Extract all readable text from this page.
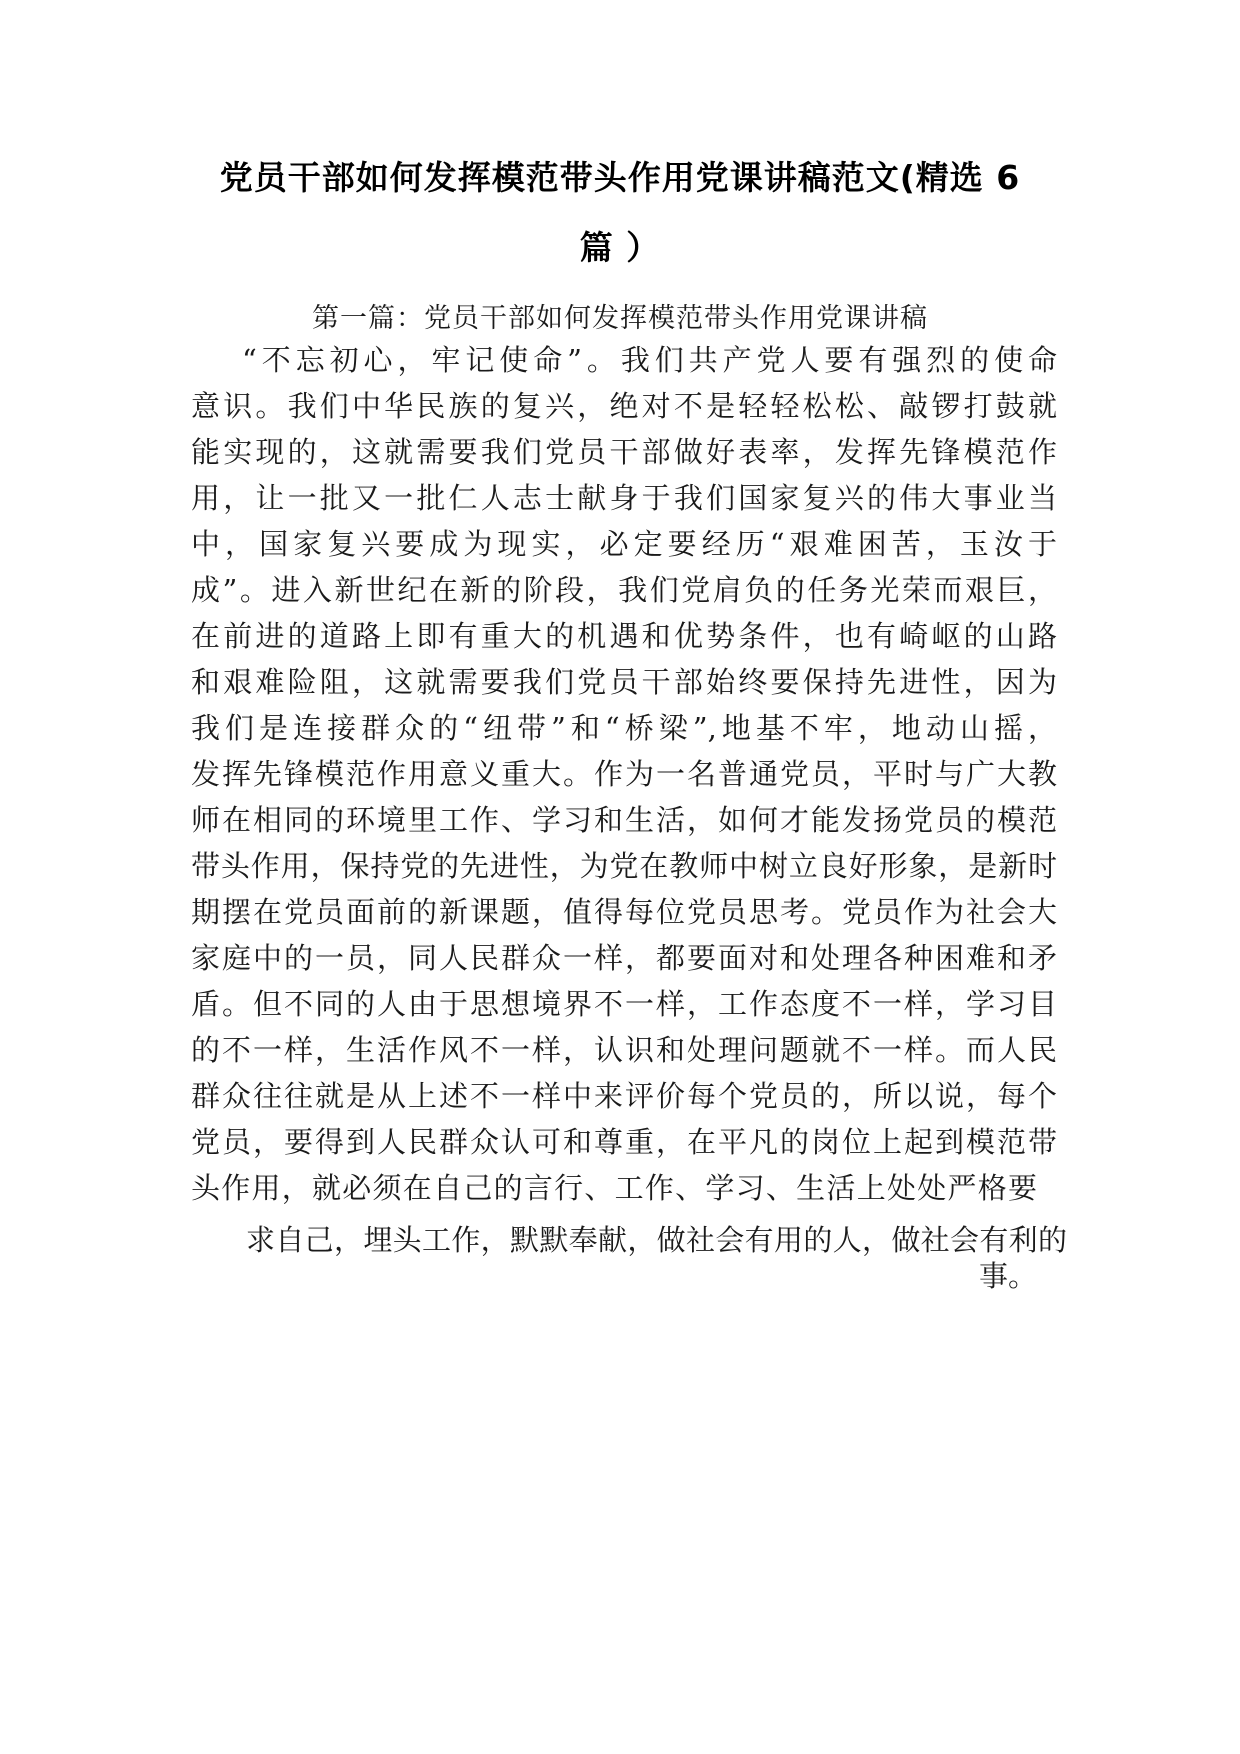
党员干部如何发挥模范带头作用党课讲稿范文(精选 6
篇 ）
第一篇：党员干部如何发挥模范带头作用党课讲稿
“不忘初心，牢记使命”。我们共产党人要有强烈的使命
意识。我们中华民族的复兴，绝对不是轻轻松松、敲锣打鼓就
能实现的，这就需要我们党员干部做好表率，发挥先锋模范作
用，让一批又一批仁人志士献身于我们国家复兴的伟大事业当
中，国家复兴要成为现实，必定要经历“艰难困苦，玉汝于
成”。进入新世纪在新的阶段，我们党肩负的任务光荣而艰巨，
在前进的道路上即有重大的机遇和优势条件，也有崎岖的山路
和艰难险阻，这就需要我们党员干部始终要保持先进性，因为
我们是连接群众的“纽带”和“桥梁”,地基不牢，地动山摇，
发挥先锋模范作用意义重大。作为一名普通党员，平时与广大教
师在相同的环境里工作、学习和生活，如何才能发扬党员的模范
带头作用，保持党的先进性，为党在教师中树立良好形象，是新时
期摆在党员面前的新课题，值得每位党员思考。党员作为社会大
家庭中的一员，同人民群众一样，都要面对和处理各种困难和矛
盾。但不同的人由于思想境界不一样，工作态度不一样，学习目
的不一样，生活作风不一样，认识和处理问题就不一样。而人民
群众往往就是从上述不一样中来评价每个党员的，所以说，每个
党员，要得到人民群众认可和尊重，在平凡的岗位上起到模范带
头作用，就必须在自己的言行、工作、学习、生活上处处严格要
求自己，埋头工作，默默奉献，做社会有用的人，做社会有利的
事。
